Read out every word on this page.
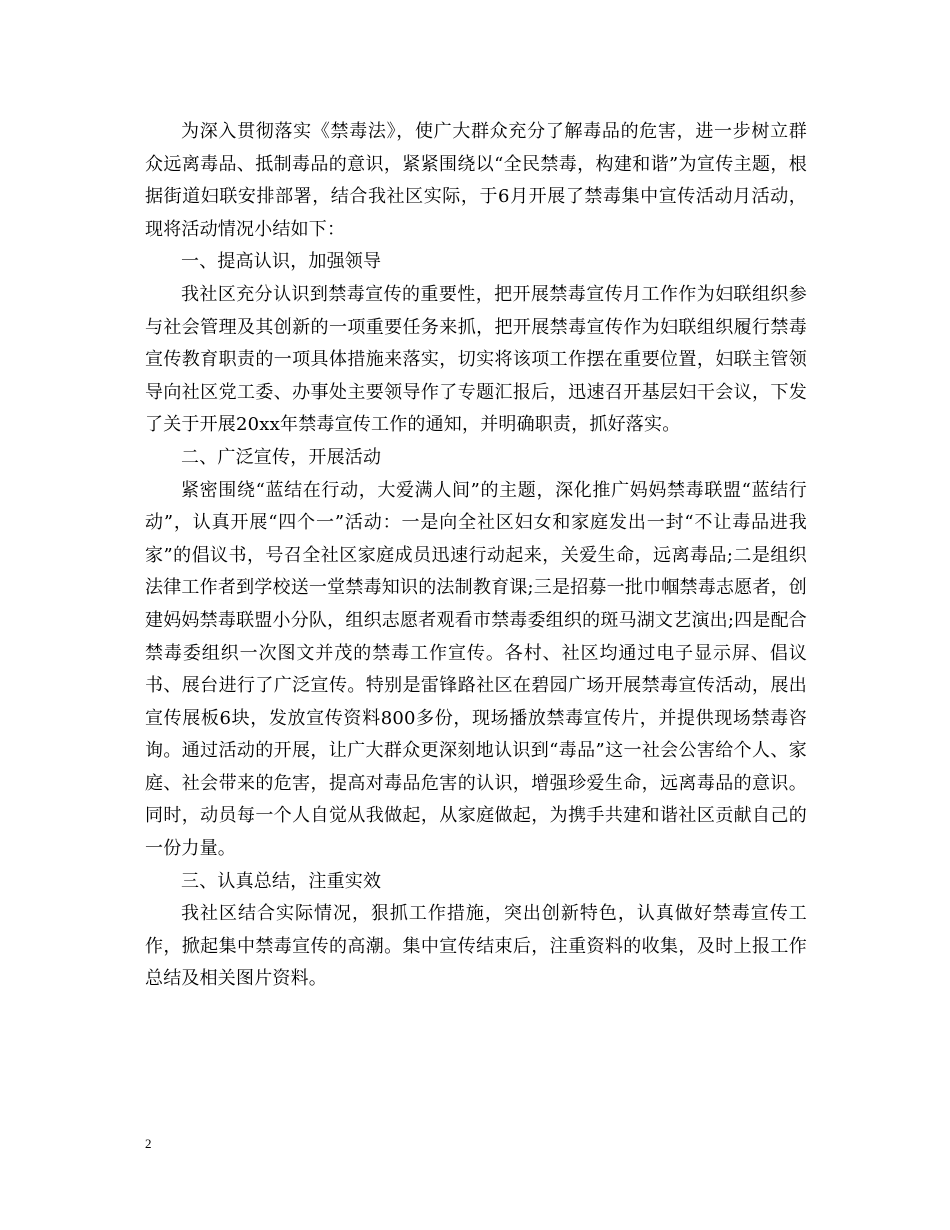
为深入贯彻落实《禁毒法》，使广大群众充分了解毒品的危害，进一步树立群众远离毒品、抵制毒品的意识，紧紧围绕以“全民禁毒，构建和谐”为宣传主题，根据街道妇联安排部署，结合我社区实际，于6月开展了禁毒集中宣传活动月活动，现将活动情况小结如下：

一、提高认识，加强领导

我社区充分认识到禁毒宣传的重要性，把开展禁毒宣传月工作作为妇联组织参与社会管理及其创新的一项重要任务来抓，把开展禁毒宣传作为妇联组织履行禁毒宣传教育职责的一项具体措施来落实，切实将该项工作摆在重要位置，妇联主管领导向社区党工委、办事处主要领导作了专题汇报后，迅速召开基层妇干会议，下发了关于开展20xx年禁毒宣传工作的通知，并明确职责，抓好落实。

二、广泛宣传，开展活动

紧密围绕“蓝结在行动，大爱满人间”的主题，深化推广妈妈禁毒联盟“蓝结行动”，认真开展“四个一”活动：一是向全社区妇女和家庭发出一封“不让毒品进我家”的倡议书，号召全社区家庭成员迅速行动起来，关爱生命，远离毒品;二是组织法律工作者到学校送一堂禁毒知识的法制教育课;三是招募一批巾帼禁毒志愿者，创建妈妈禁毒联盟小分队，组织志愿者观看市禁毒委组织的斑马湖文艺演出;四是配合禁毒委组织一次图文并茂的禁毒工作宣传。各村、社区均通过电子显示屏、倡议书、展台进行了广泛宣传。特别是雷锋路社区在碧园广场开展禁毒宣传活动，展出宣传展板6块，发放宣传资料800多份，现场播放禁毒宣传片，并提供现场禁毒咨询。通过活动的开展，让广大群众更深刻地认识到“毒品”这一社会公害给个人、家庭、社会带来的危害，提高对毒品危害的认识，增强珍爱生命，远离毒品的意识。同时，动员每一个人自觉从我做起，从家庭做起，为携手共建和谐社区贡献自己的一份力量。

三、认真总结，注重实效

我社区结合实际情况，狠抓工作措施，突出创新特色，认真做好禁毒宣传工作，掀起集中禁毒宣传的高潮。集中宣传结束后，注重资料的收集，及时上报工作总结及相关图片资料。

2
